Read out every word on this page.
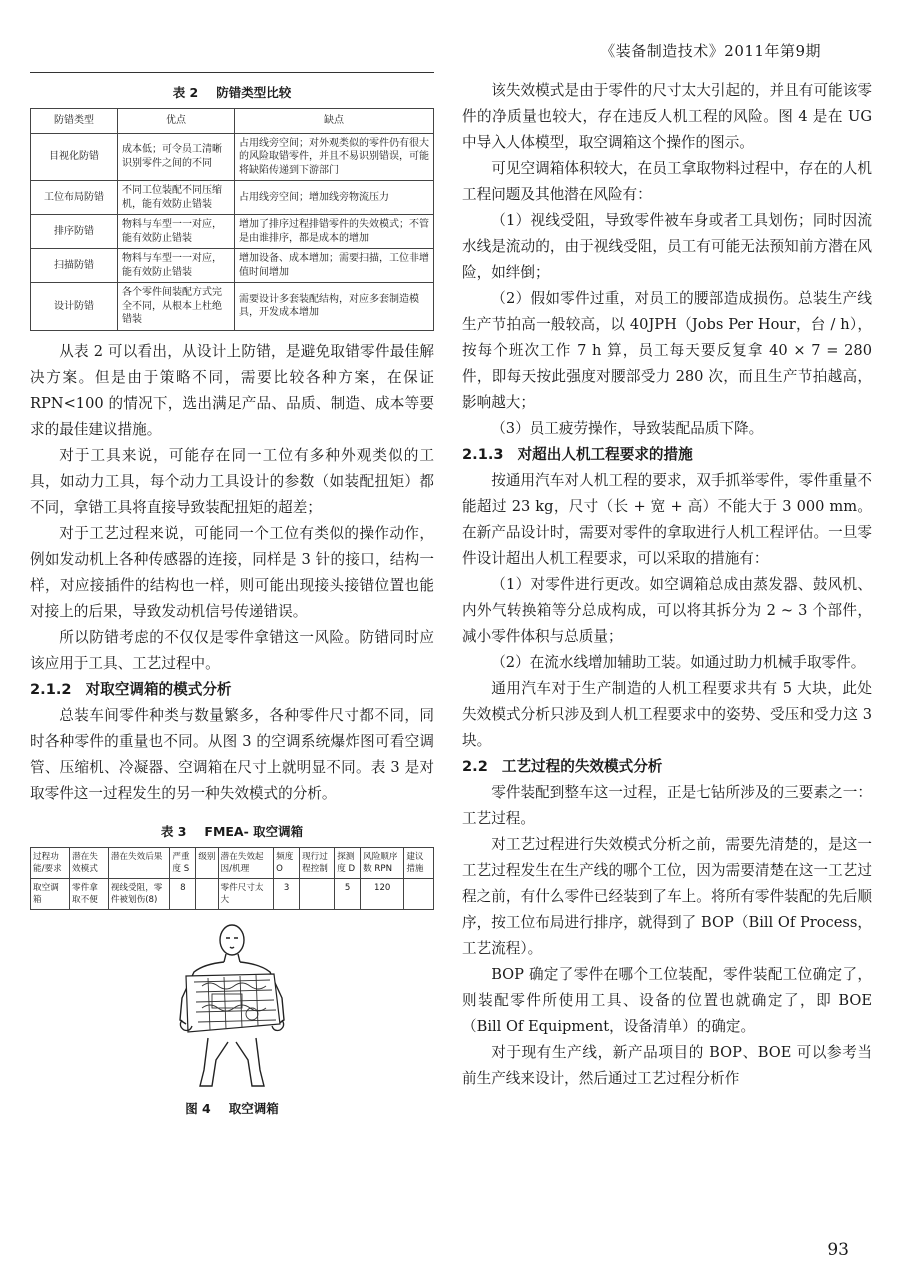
《装备制造技术》2011年第9期
表 2 防错类型比较
防错类型	优点	缺点
目视化防错	成本低；可令员工清晰识别零件之间的不同	占用线旁空间；对外观类似的零件仍有很大的风险取错零件，并且不易识别错误，可能将缺陷传递到下游部门
工位布局防错	不同工位装配不同压缩机，能有效防止错装	占用线旁空间；增加线旁物流压力
排序防错	物料与车型一一对应，能有效防止错装	增加了排序过程排错零件的失效模式；不管是由谁排序，都是成本的增加
扫描防错	物料与车型一一对应，能有效防止错装	增加设备、成本增加；需要扫描，工位非增值时间增加
设计防错	各个零件间装配方式完全不同，从根本上杜绝错装	需要设计多套装配结构，对应多套制造模具，开发成本增加

从表 2 可以看出，从设计上防错，是避免取错零件最佳解决方案。但是由于策略不同，需要比较各种方案，在保证 RPN<100 的情况下，选出满足产品、品质、制造、成本等要求的最佳建议措施。

对于工具来说，可能存在同一工位有多种外观类似的工具，如动力工具，每个动力工具设计的参数（如装配扭矩）都不同，拿错工具将直接导致装配扭矩的超差；

对于工艺过程来说，可能同一个工位有类似的操作动作，例如发动机上各种传感器的连接，同样是 3 针的接口，结构一样，对应接插件的结构也一样，则可能出现接头接错位置也能对接上的后果，导致发动机信号传递错误。

所以防错考虑的不仅仅是零件拿错这一风险。防错同时应该应用于工具、工艺过程中。

2.1.2 对取空调箱的模式分析

总装车间零件种类与数量繁多，各种零件尺寸都不同，同时各种零件的重量也不同。从图 3 的空调系统爆炸图可看空调管、压缩机、冷凝器、空调箱在尺寸上就明显不同。表 3 是对取零件这一过程发生的另一种失效模式的分析。

表 3 FMEA- 取空调箱
过程功能/要求	潜在失效模式	潜在失效后果	严重度 S	级别	潜在失效起因/机理	频度 O	现行过程控制	探测度 D	风险顺序数 RPN	建议措施
取空调箱	零件拿取不便	视线受阻，零件被划伤(8)	8		零件尺寸太大	3		5	120	
图 4 取空调箱

该失效模式是由于零件的尺寸太大引起的，并且有可能该零件的净质量也较大，存在违反人机工程的风险。图 4 是在 UG 中导入人体模型，取空调箱这个操作的图示。

可见空调箱体积较大，在员工拿取物料过程中，存在的人机工程问题及其他潜在风险有：

（1）视线受阻，导致零件被车身或者工具划伤；同时因流水线是流动的，由于视线受阻，员工有可能无法预知前方潜在风险，如绊倒；

（2）假如零件过重，对员工的腰部造成损伤。总装生产线生产节拍高一般较高，以 40JPH（Jobs Per Hour，台 / h），按每个班次工作 7 h 算，员工每天要反复拿 40 × 7 = 280 件，即每天按此强度对腰部受力 280 次，而且生产节拍越高，影响越大；

（3）员工疲劳操作，导致装配品质下降。

2.1.3 对超出人机工程要求的措施

按通用汽车对人机工程的要求，双手抓举零件，零件重量不能超过 23 kg，尺寸（长 + 宽 + 高）不能大于 3 000 mm。在新产品设计时，需要对零件的拿取进行人机工程评估。一旦零件设计超出人机工程要求，可以采取的措施有：

（1）对零件进行更改。如空调箱总成由蒸发器、鼓风机、内外气转换箱等分总成构成，可以将其拆分为 2 ~ 3 个部件，减小零件体积与总质量；

（2）在流水线增加辅助工装。如通过助力机械手取零件。

通用汽车对于生产制造的人机工程要求共有 5 大块，此处失效模式分析只涉及到人机工程要求中的姿势、受压和受力这 3 块。

2.2 工艺过程的失效模式分析

零件装配到整车这一过程，正是七钻所涉及的三要素之一：工艺过程。

对工艺过程进行失效模式分析之前，需要先清楚的，是这一工艺过程发生在生产线的哪个工位，因为需要清楚在这一工艺过程之前，有什么零件已经装到了车上。将所有零件装配的先后顺序，按工位布局进行排序，就得到了 BOP（Bill Of Process，工艺流程）。

BOP 确定了零件在哪个工位装配，零件装配工位确定了，则装配零件所使用工具、设备的位置也就确定了，即 BOE（Bill Of Equipment，设备清单）的确定。

对于现有生产线，新产品项目的 BOP、BOE 可以参考当前生产线来设计，然后通过工艺过程分析作

93
